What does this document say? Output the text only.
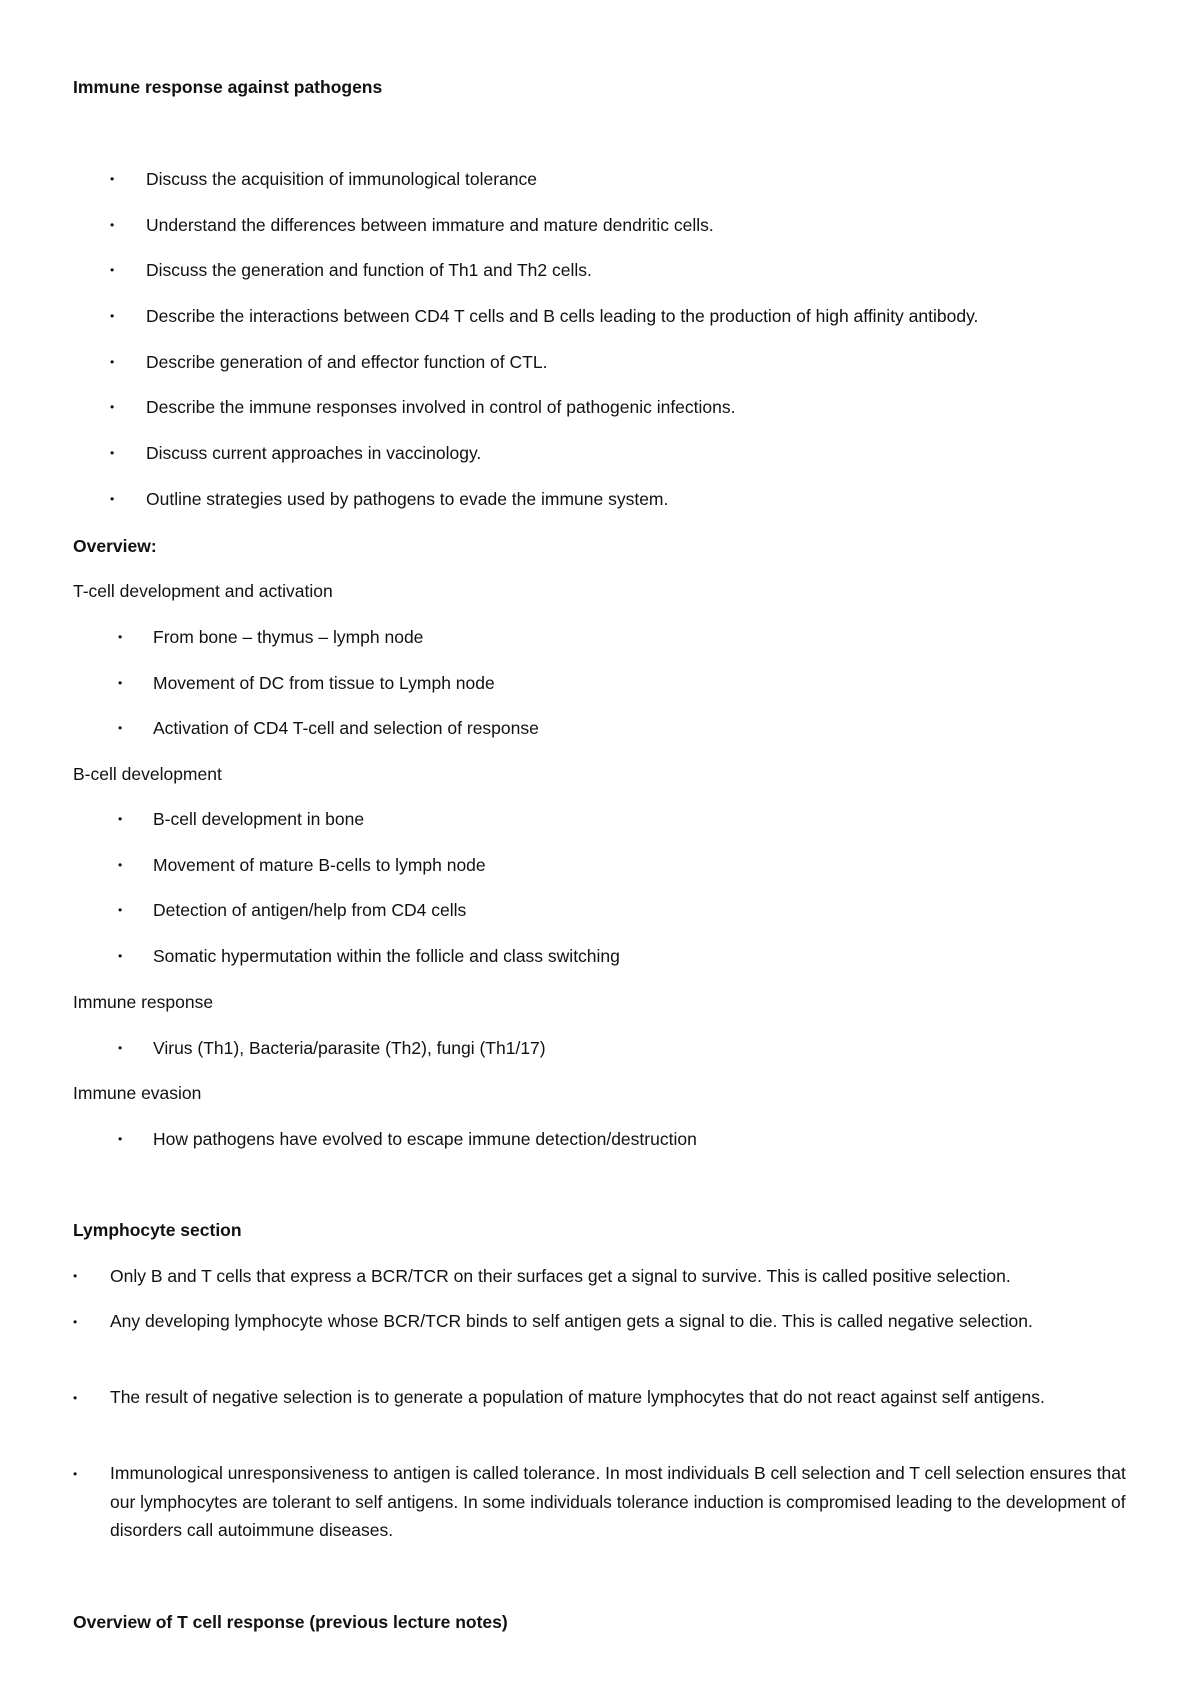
Immune response against pathogens
• Discuss the acquisition of immunological tolerance
• Understand the differences between immature and mature dendritic cells.
• Discuss the generation and function of Th1 and Th2 cells.
• Describe the interactions between CD4 T cells and B cells leading to the production of high affinity antibody.
• Describe generation of and effector function of CTL.
• Describe the immune responses involved in control of pathogenic infections.
• Discuss current approaches in vaccinology.
• Outline strategies used by pathogens to evade the immune system.
Overview:
T-cell development and activation
• From bone – thymus – lymph node
• Movement of DC from tissue to Lymph node
• Activation of CD4 T-cell and selection of response
B-cell development
• B-cell development in bone
• Movement of mature B-cells to lymph node
• Detection of antigen/help from CD4 cells
• Somatic hypermutation within the follicle and class switching
Immune response
• Virus (Th1), Bacteria/parasite (Th2), fungi (Th1/17)
Immune evasion
• How pathogens have evolved to escape immune detection/destruction
Lymphocyte section
• Only B and T cells that express a BCR/TCR on their surfaces get a signal to survive. This is called positive selection.
• Any developing lymphocyte whose BCR/TCR binds to self antigen gets a signal to die. This is called negative selection.
• The result of negative selection is to generate a population of mature lymphocytes that do not react against self antigens.
• Immunological unresponsiveness to antigen is called tolerance. In most individuals B cell selection and T cell selection ensures that our lymphocytes are tolerant to self antigens. In some individuals tolerance induction is compromised leading to the development of disorders call autoimmune diseases.
Overview of T cell response (previous lecture notes)
